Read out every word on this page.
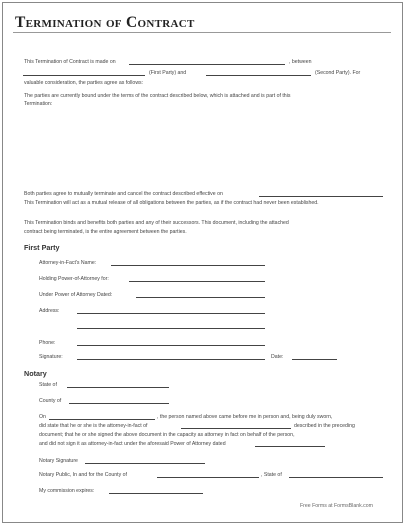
Termination of Contract
This Termination of Contract is made on	, between
(First Party) and	(Second Party). For
valuable consideration, the parties agree as follows:
The parties are currently bound under the terms of the contract described below, which is attached and is part of this
Termination:
Both parties agree to mutually terminate and cancel the contract described effective on
This Termination will act as a mutual release of all obligations between the parties, as if the contract had never been established.
This Termination binds and benefits both parties and any of their successors. This document, including the attached
contract being terminated, is the entire agreement between the parties.
First Party
Attorney-in-Fact's Name:
Holding Power-of-Attorney for:
Under Power of Attorney Dated:
Address:
Phone:
Signature:	Date:
Notary
State of
County of
On	, the person named above came before me in person and, being duly sworn,
did state that he or she is the attorney-in-fact of	described in the preceding
document; that he or she signed the above document in the capacity as attorney in fact on behalf of the person,
and did not sign it as attorney-in-fact under the aforesaid Power of Attorney dated
Notary Signature
Notary Public, In and for the County of	, State of
My commission expires:
Free Forms at FormsBlank.com
